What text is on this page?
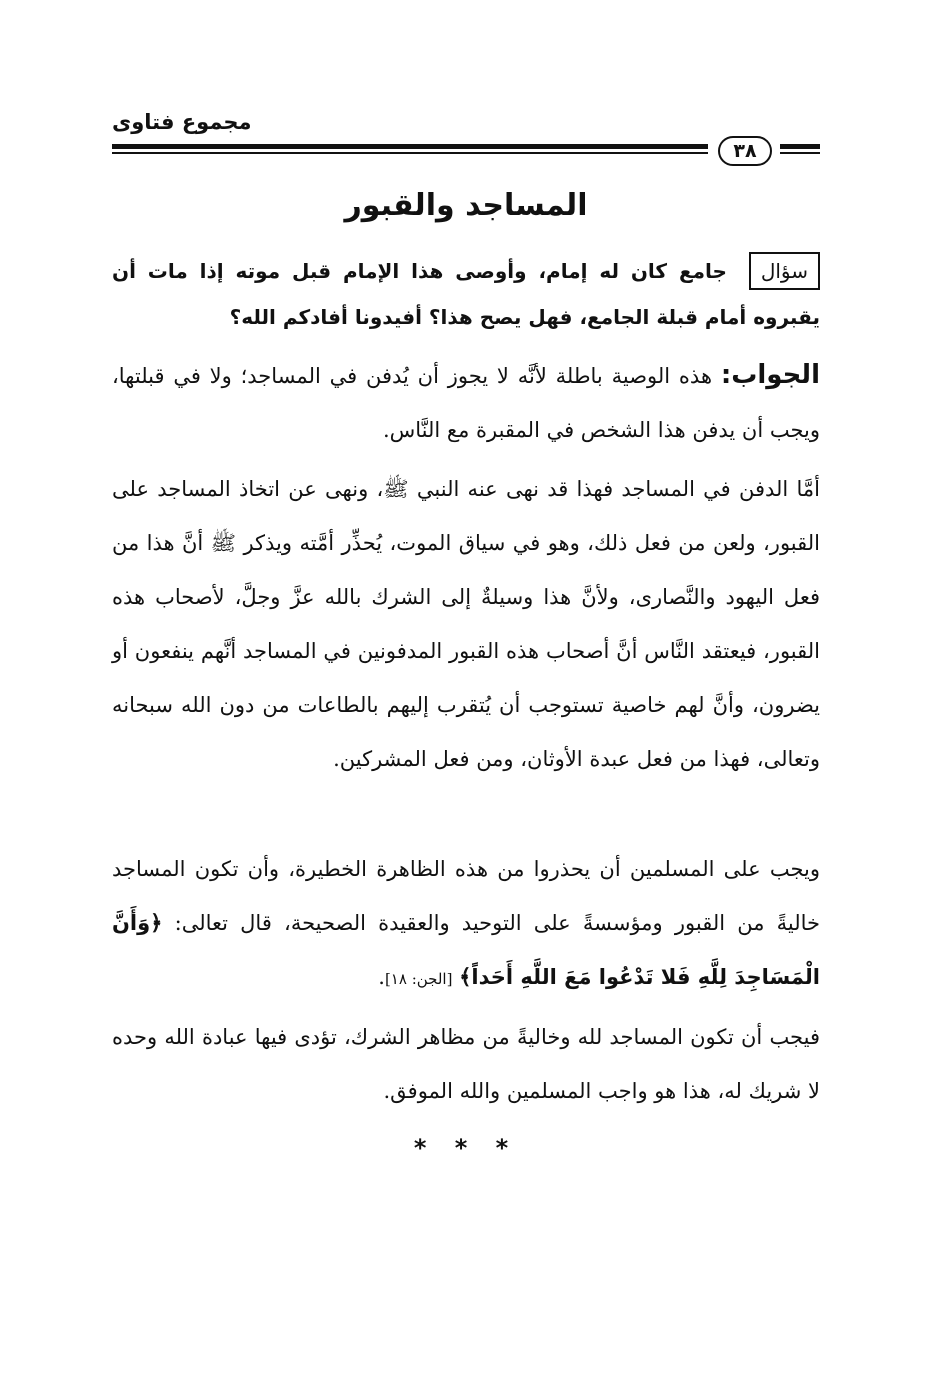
مجموع فتاوى
٣٨
المساجد والقبور
سؤال جامع كان له إمام، وأوصى هذا الإمام قبل موته إذا مات أن يقبروه أمام قبلة الجامع، فهل يصح هذا؟ أفيدونا أفادكم الله؟
الجواب: هذه الوصية باطلة لأنَّه لا يجوز أن يُدفن في المساجد؛ ولا في قبلتها، ويجب أن يدفن هذا الشخص في المقبرة مع النَّاس.
أمَّا الدفن في المساجد فهذا قد نهى عنه النبي ﷺ، ونهى عن اتخاذ المساجد على القبور، ولعن من فعل ذلك، وهو في سياق الموت، يُحذِّر أمَّته ويذكر ﷺ أنَّ هذا من فعل اليهود والنَّصارى، ولأنَّ هذا وسيلةٌ إلى الشرك بالله عزَّ وجلَّ، لأصحاب هذه القبور، فيعتقد النَّاس أنَّ أصحاب هذه القبور المدفونين في المساجد أنَّهم ينفعون أو يضرون، وأنَّ لهم خاصية تستوجب أن يُتقرب إليهم بالطاعات من دون الله سبحانه وتعالى، فهذا من فعل عبدة الأوثان، ومن فعل المشركين.
ويجب على المسلمين أن يحذروا من هذه الظاهرة الخطيرة، وأن تكون المساجد خاليةً من القبور ومؤسسةً على التوحيد والعقيدة الصحيحة، قال تعالى: ﴿وَأَنَّ الْمَسَاجِدَ لِلَّهِ فَلا تَدْعُوا مَعَ اللَّهِ أَحَداً﴾ [الجن: ١٨].
فيجب أن تكون المساجد لله وخاليةً من مظاهر الشرك، تؤدى فيها عبادة الله وحده لا شريك له، هذا هو واجب المسلمين والله الموفق.
* * *
